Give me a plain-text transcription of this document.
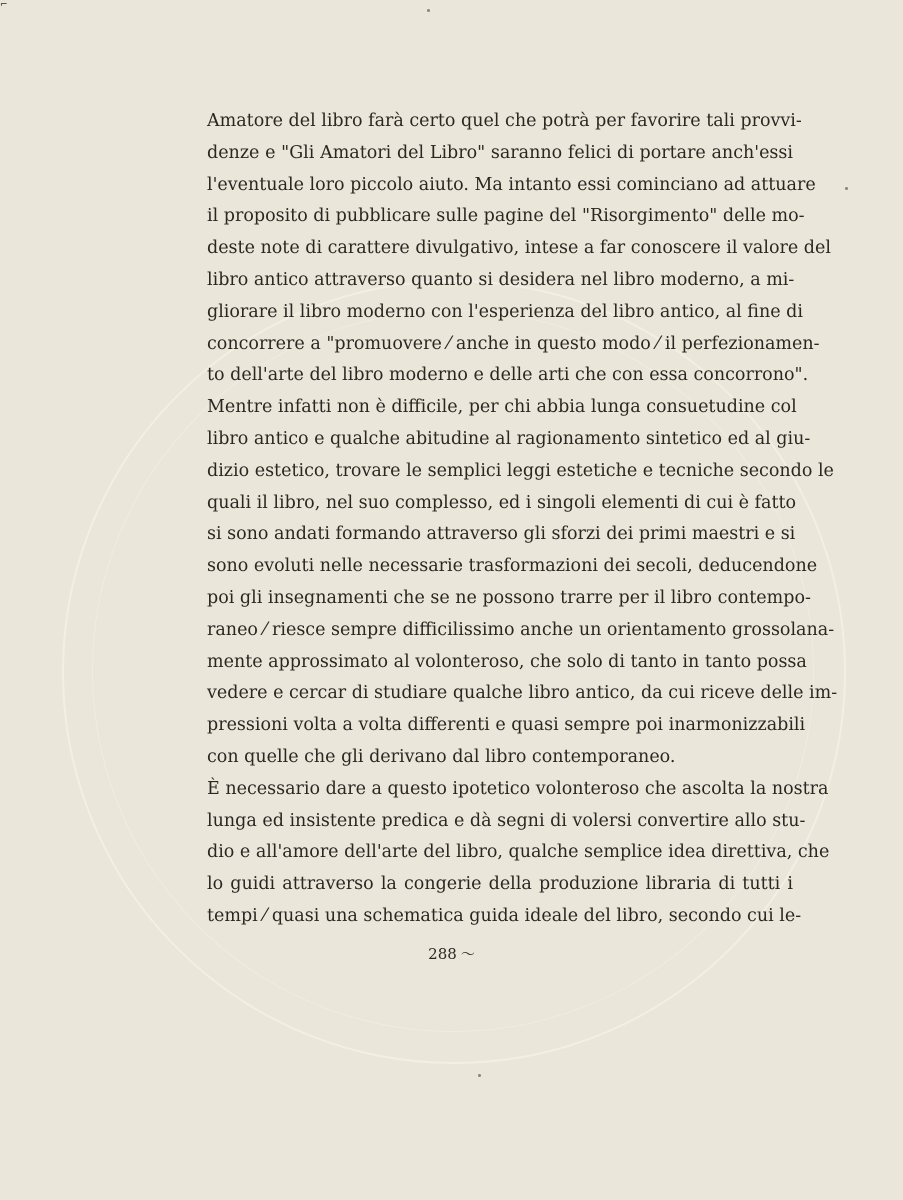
⌐
Amatore del libro farà certo quel che potrà per favorire tali provvi-
denze e "Gli Amatori del Libro" saranno felici di portare anch'essi
l'eventuale loro piccolo aiuto. Ma intanto essi cominciano ad attuare
il proposito di pubblicare sulle pagine del "Risorgimento" delle mo-
deste note di carattere divulgativo, intese a far conoscere il valore del
libro antico attraverso quanto si desidera nel libro moderno, a mi-
gliorare il libro moderno con l'esperienza del libro antico, al fine di
concorrere a "promuovere ⁄ anche in questo modo ⁄ il perfezionamen-
to dell'arte del libro moderno e delle arti che con essa concorrono".
Mentre infatti non è difficile, per chi abbia lunga consuetudine col
libro antico e qualche abitudine al ragionamento sintetico ed al giu-
dizio estetico, trovare le semplici leggi estetiche e tecniche secondo le
quali il libro, nel suo complesso, ed i singoli elementi di cui è fatto
si sono andati formando attraverso gli sforzi dei primi maestri e si
sono evoluti nelle necessarie trasformazioni dei secoli, deducendone
poi gli insegnamenti che se ne possono trarre per il libro contempo-
raneo ⁄ riesce sempre difficilissimo anche un orientamento grossolana-
mente approssimato al volonteroso, che solo di tanto in tanto possa
vedere e cercar di studiare qualche libro antico, da cui riceve delle im-
pressioni volta a volta differenti e quasi sempre poi inarmonizzabili
con quelle che gli derivano dal libro contemporaneo.
È necessario dare a questo ipotetico volonteroso che ascolta la nostra
lunga ed insistente predica e dà segni di volersi convertire allo stu-
dio e all'amore dell'arte del libro, qualche semplice idea direttiva, che
lo guidi attraverso la congerie della produzione libraria di tutti i
tempi ⁄ quasi una schematica guida ideale del libro, secondo cui le-
288 〜
